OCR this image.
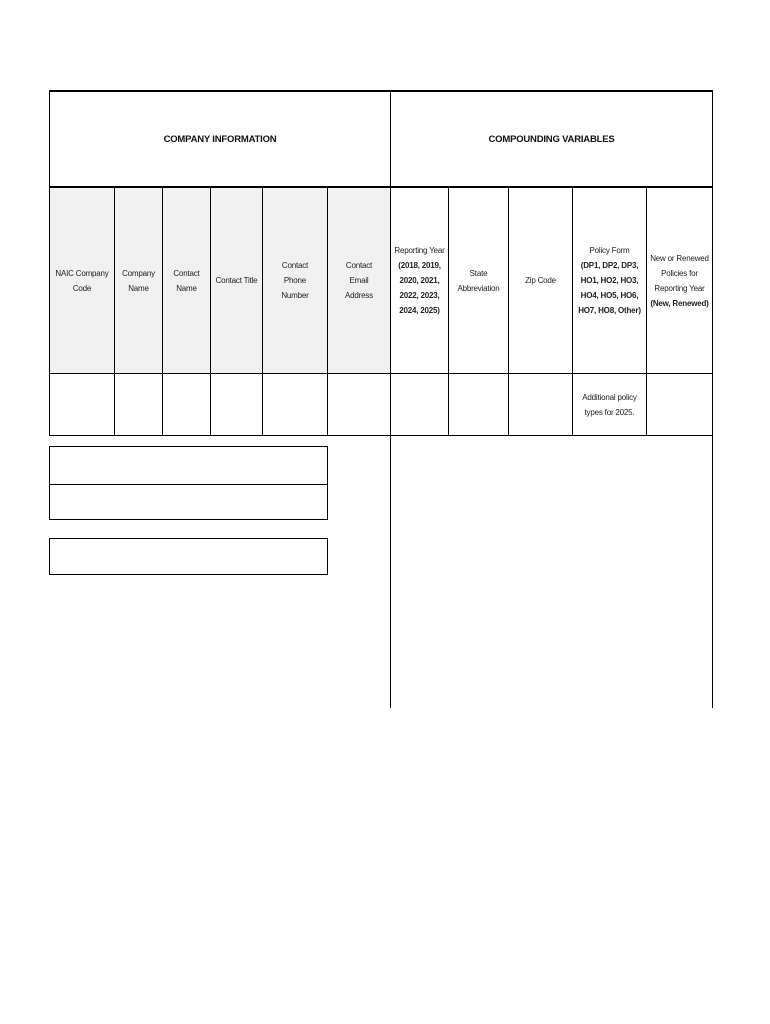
COMPANY INFORMATION	COMPOUNDING VARIABLES
NAIC Company Code
Company Name
Contact Name
Contact Title
Contact Phone Number
Contact Email Address
Reporting Year
(2018, 2019, 2020, 2021, 2022, 2023, 2024, 2025)
State Abbreviation
Zip Code
Policy Form
(DP1, DP2, DP3, HO1, HO2, HO3, HO4, HO5, HO6, HO7, HO8, Other)
New or Renewed Policies for Reporting Year (New, Renewed)
Additional policy types for 2025.
